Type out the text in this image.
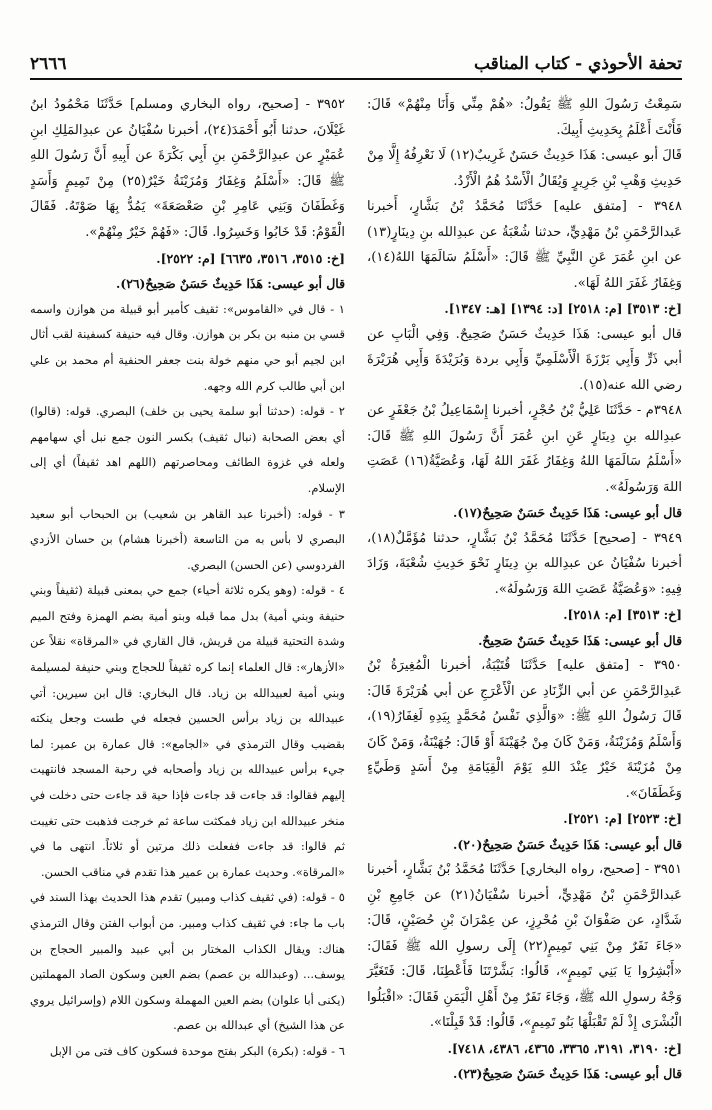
تحفة الأحوذي - كتاب المناقب
٢٦٦٦

سَمِعْتُ رَسُولَ اللهِ ﷺ يَقُولُ: «هُمْ مِنِّي وَأَنَا مِنْهُمْ» قَالَ: فَأَنْتَ أَعْلَمُ بِحَدِيثِ أَبِيكَ.

قَالَ أبو عيسى: هَذَا حَدِيثٌ حَسَنٌ غَرِيبٌ(١٢) لَا نَعْرِفُهُ إِلَّا مِنْ حَدِيثِ وَهْبِ بْنِ جَرِيرٍ وَيُقَالُ الْأَسْدُ هُمُ الْأَزْدُ.

٣٩٤٨ - [متفق عليه] حَدَّثَنَا مُحَمَّدُ بْنُ بَشَّارٍ، أَخبرنا عَبدالرَّحْمَنِ بْنُ مَهْدِيٍّ، حدثنا شُعْبَةُ عن عبدِالله بنِ دِينَارٍ(١٣) عن ابنِ عُمَرَ عَنِ النَّبِيِّ ﷺ قَالَ: «أَسْلَمُ سَالَمَهَا اللهُ(١٤)، وَغِفَارُ غَفَرَ اللهُ لَهَا».

[خ: ٣٥١٣] [م: ٢٥١٨] [د: ١٣٩٤] [هـ: ١٣٤٧].

قال أبو عيسى: هَذَا حَدِيثٌ حَسَنٌ صَحِيحٌ. وَفِي الْبَابِ عن أبي ذَرٍّ وَأَبِي بَرْزَةَ الْأَسْلَمِيِّ وَأَبِي بردة وَبُرَيْدَةَ وَأَبِي هُرَيْرَةَ رضي الله عنه(١٥).

٣٩٤٨م - حَدَّثَنَا عَلِيُّ بْنُ حُجْرٍ، أخبرنا إِسْمَاعِيلُ بْنُ جَعْفَرٍ عن عبدِالله بنِ دِينَارٍ عَنِ ابنِ عُمَرَ أَنَّ رَسُولَ اللهِ ﷺ قَالَ: «أَسْلَمُ سَالَمَهَا اللهُ وَغِفَارُ غَفَرَ اللهُ لَهَا، وَعُصَيَّةُ(١٦) عَصَتِ اللهَ وَرَسُولَهُ».

قال أبو عيسى: هَذَا حَدِيثٌ حَسَنٌ صَحِيحٌ(١٧).

٣٩٤٩ - [صحيح] حَدَّثَنَا مُحَمَّدُ بْنُ بَشَّارٍ، حدثنا مُؤَمَّلٌ(١٨)، أخبرنا سُفْيَانُ عن عبدِالله بنِ دِينَارٍ نَحْوَ حَدِيثِ شُعْبَةَ، وَزَادَ فِيهِ: «وَعُصَيَّةُ عَصَتِ اللهَ وَرَسُولَهُ».

[خ: ٣٥١٣] [م: ٢٥١٨].

قال أبو عيسى: هَذَا حَدِيثٌ حَسَنٌ صَحِيحٌ.

٣٩٥٠ - [متفق عليه] حَدَّثَنَا قُتَيْبَةُ، أخبرنا الْمُغِيرَةُ بْنُ عَبدِالرَّحْمَنِ عن أبي الزِّنَادِ عن الْأَعْرَجِ عن أبي هُرَيْرَةَ قَالَ: قَالَ رَسُولُ اللهِ ﷺ: «وَالَّذِي نَفْسُ مُحَمَّدٍ بِيَدِهِ لَغِفَارُ(١٩)، وَأَسْلَمُ وَمُزَيْنَةُ، وَمَنْ كَانَ مِنْ جُهَيْنَةَ أَوْ قَالَ: جُهَيْنَةُ، وَمَنْ كَانَ مِنْ مُزَيْنَةَ خَيْرٌ عِنْدَ اللهِ يَوْمَ الْقِيَامَةِ مِنْ أَسَدٍ وَطَيِّءٍ وَغَطَفَانَ».

[خ: ٢٥٢٣] [م: ٢٥٢١].

قال أبو عيسى: هَذَا حَدِيثٌ حَسَنٌ صَحِيحٌ(٢٠).

٣٩٥١ - [صحيح، رواه البخاري] حَدَّثَنَا مُحَمَّدُ بْنُ بَشَّارٍ، أخبرنا عَبدالرَّحْمَنِ بْنُ مَهْدِيٍّ، أخبرنا سُفْيَانُ(٢١) عن جَامِعِ بْنِ شَدَّادٍ، عن صَفْوَانَ بْنِ مُحْرِزٍ، عن عِمْرَانَ بْنِ حُصَيْنٍ، قَالَ: «جَاءَ نَفَرٌ مِنْ بَنِي تَمِيمٍ(٢٢) إِلَى رسولِ الله ﷺ فَقَالَ: «أَبْشِرُوا يَا بَنِي تَمِيمٍ»، قَالُوا: بَشَّرْتَنَا فَأَعْطِنَا، قَالَ: فَتَغَيَّرَ وَجْهُ رسولِ الله ﷺ، وَجَاءَ نَفَرٌ مِنْ أَهْلِ الْيَمَنِ فَقَالَ: «اقْبَلُوا الْبُشْرَى إِذْ لَمْ تَقْبَلْهَا بَنُو تَمِيمٍ»، قَالُوا: قَدْ قَبِلْنَا».

[خ: ٣١٩٠، ٣١٩١، ٣٣٦٥، ٤٣٦٥، ٤٣٨٦، ٧٤١٨].

قال أبو عيسى: هَذَا حَدِيثٌ حَسَنٌ صَحِيحٌ(٢٣).

٣٩٥٢ - [صحيح، رواه البخاري ومسلم] حَدَّثَنَا مَحْمُودُ ابنُ غَيْلَانَ، حدثنا أَبُو أَحْمَدَ(٢٤)، أخبرنا سُفْيَانُ عن عبدِالمَلِكِ ابنِ عُمَيْرٍ عن عبدِالرَّحْمَنِ بنِ أَبِي بَكْرَةَ عن أَبِيهِ أَنَّ رَسُولَ اللهِ ﷺ قَالَ: «أَسْلَمُ وَغِفَارُ وَمُزَيْنَةُ خَيْرٌ(٢٥) مِنْ تَمِيمٍ وَأَسَدٍ وَغَطَفَانَ وَبَنِي عَامِرِ بْنِ صَعْصَعَةَ» يَمُدُّ بِهَا صَوْتَهُ. فَقَالَ الْقَوْمُ: قَدْ خَابُوا وَخَسِرُوا. قَالَ: «فَهُمْ خَيْرٌ مِنْهُمْ».

[خ: ٣٥١٥، ٣٥١٦، ٦٦٣٥] [م: ٢٥٢٢].

قال أبو عيسى: هَذَا حَدِيثٌ حَسَنٌ صَحِيحٌ(٢٦).

١ - قال في «القاموس»: ثقيف كأمير أبو قبيلة من هوازن واسمه قسي بن منبه بن بكر بن هوازن. وقال فيه حنيفة كسفينة لقب أثال ابن لجيم أبو حي منهم خولة بنت جعفر الحنفية أم محمد بن علي ابن أبي طالب كرم الله وجهه.

٢ - قوله: (حدثنا أبو سلمة يحيى بن خلف) البصري. قوله: (قالوا) أي بعض الصحابة (نبال ثقيف) بكسر النون جمع نبل أي سهامهم ولعله في غزوة الطائف ومحاصرتهم (اللهم اهد ثقيفاً) أي إلى الإسلام.

٣ - قوله: (أخبرنا عبد القاهر بن شعيب) بن الحبحاب أبو سعيد البصري لا بأس به من التاسعة (أخبرنا هشام) بن حسان الأزدي الفردوسي (عن الحسن) البصري.

٤ - قوله: (وهو يكره ثلاثة أحياء) جمع حي بمعنى قبيلة (ثقيفاً وبني حنيفة وبني أمية) بدل مما قبله وبنو أمية بضم الهمزة وفتح الميم وشدة التحتية قبيلة من قريش، قال القاري في «المرقاة» نقلاً عن «الأزهار»: قال العلماء إنما كره ثقيفاً للحجاج وبني حنيفة لمسيلمة وبني أمية لعبيدالله بن زياد. قال البخاري: قال ابن سيرين: أتي عبيدالله بن زياد برأس الحسين فجعله في طست وجعل ينكته بقضيب وقال الترمذي في «الجامع»: قال عمارة بن عمير: لما جيء برأس عبيدالله بن زياد وأصحابه في رحبة المسجد فانتهيت إليهم فقالوا: قد جاءت قد جاءت فإذا حية قد جاءت حتى دخلت في منخر عبيدالله ابن زياد فمكثت ساعة ثم خرجت فذهبت حتى تغيبت ثم قالوا: قد جاءت ففعلت ذلك مرتين أو ثلاثاً. انتهى ما في «المرقاة». وحديث عمارة بن عمير هذا تقدم في مناقب الحسن.

٥ - قوله: (في ثقيف كذاب ومبير) تقدم هذا الحديث بهذا السند في باب ما جاء: في ثقيف كذاب ومبير. من أبواب الفتن وقال الترمذي هناك: ويقال الكذاب المختار بن أبي عبيد والمبير الحجاج بن يوسف... (وعبدالله بن عصم) بضم العين وسكون الصاد المهملتين (يكنى أبا علوان) بضم العين المهملة وسكون اللام (وإسرائيل يروي عن هذا الشيخ) أي عبدالله بن عصم.

٦ - قوله: (بكرة) البكر بفتح موحدة فسكون كاف فتى من الإبل
